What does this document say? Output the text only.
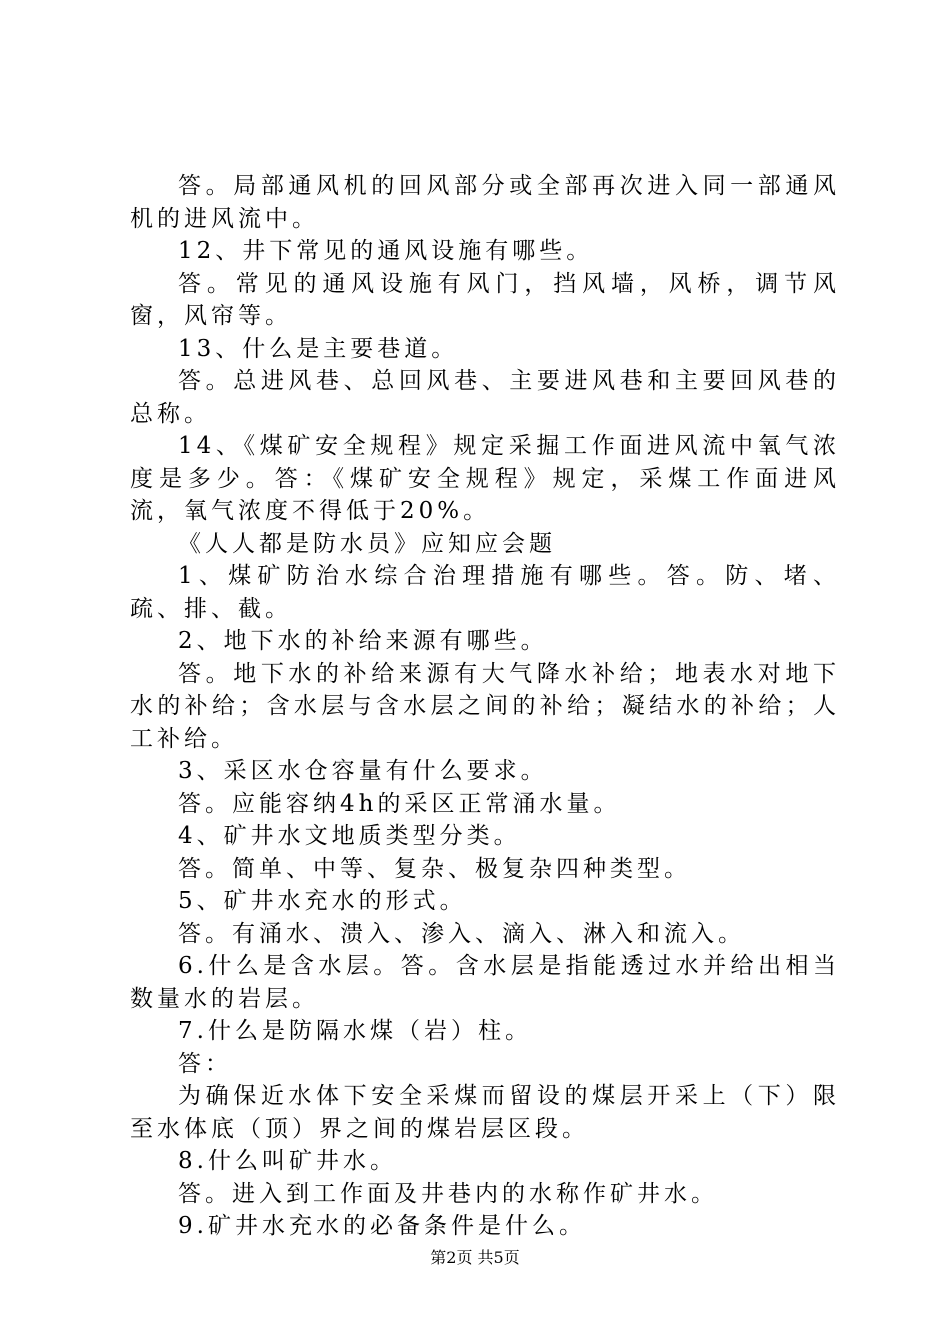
答。局部通风机的回风部分或全部再次进入同一部通风机的进风流中。

12、井下常见的通风设施有哪些。

答。常见的通风设施有风门，挡风墙，风桥，调节风窗，风帘等。

13、什么是主要巷道。

答。总进风巷、总回风巷、主要进风巷和主要回风巷的总称。

14、《煤矿安全规程》规定采掘工作面进风流中氧气浓度是多少。答：《煤矿安全规程》规定，采煤工作面进风流，氧气浓度不得低于20%。

《人人都是防水员》应知应会题

1、煤矿防治水综合治理措施有哪些。答。防、堵、疏、排、截。

2、地下水的补给来源有哪些。

答。地下水的补给来源有大气降水补给；地表水对地下水的补给；含水层与含水层之间的补给；凝结水的补给；人工补给。

3、采区水仓容量有什么要求。

答。应能容纳4h的采区正常涌水量。

4、矿井水文地质类型分类。

答。简单、中等、复杂、极复杂四种类型。

5、矿井水充水的形式。

答。有涌水、溃入、渗入、滴入、淋入和流入。

6.什么是含水层。答。含水层是指能透过水并给出相当数量水的岩层。

7.什么是防隔水煤（岩）柱。

答：

为确保近水体下安全采煤而留设的煤层开采上（下）限至水体底（顶）界之间的煤岩层区段。

8.什么叫矿井水。

答。进入到工作面及井巷内的水称作矿井水。

9.矿井水充水的必备条件是什么。

第2页 共5页
